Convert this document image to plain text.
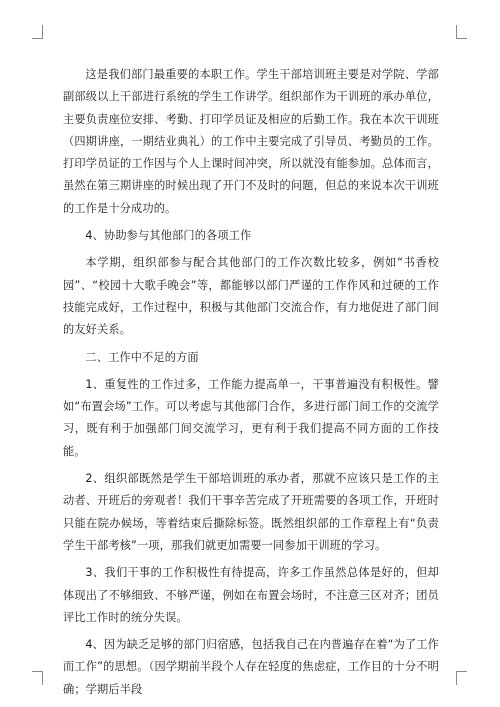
这是我们部门最重要的本职工作。学生干部培训班主要是对学院、学部副部级以上干部进行系统的学生工作讲学。组织部作为干训班的承办单位，主要负责座位安排、考勤、打印学员证及相应的后勤工作。我在本次干训班（四期讲座，一期结业典礼）的工作中主要完成了引导员、考勤员的工作。打印学员证的工作因与个人上课时间冲突，所以就没有能参加。总体而言，虽然在第三期讲座的时候出现了开门不及时的问题，但总的来说本次干训班的工作是十分成功的。

4、协助参与其他部门的各项工作

本学期，组织部参与配合其他部门的工作次数比较多，例如“书香校园”、“校园十大歌手晚会”等，都能够以部门严谨的工作作风和过硬的工作技能完成好，工作过程中，积极与其他部门交流合作，有力地促进了部门间的友好关系。

二、工作中不足的方面

1、重复性的工作过多，工作能力提高单一，干事普遍没有积极性。譬如“布置会场”工作。可以考虑与其他部门合作，多进行部门间工作的交流学习，既有利于加强部门间交流学习，更有利于我们提高不同方面的工作技能。

2、组织部既然是学生干部培训班的承办者，那就不应该只是工作的主动者、开班后的旁观者！我们干事辛苦完成了开班需要的各项工作，开班时只能在院办候场，等着结束后撕除标签。既然组织部的工作章程上有“负责学生干部考核”一项，那我们就更加需要一同参加干训班的学习。

3、我们干事的工作积极性有待提高，许多工作虽然总体是好的，但却体现出了不够细致、不够严谨，例如在布置会场时，不注意三区对齐；团员评比工作时的统分失误。

4、因为缺乏足够的部门归宿感，包括我自己在内普遍存在着“为了工作而工作”的思想。（因学期前半段个人存在轻度的焦虑症，工作目的十分不明确；学期后半段
